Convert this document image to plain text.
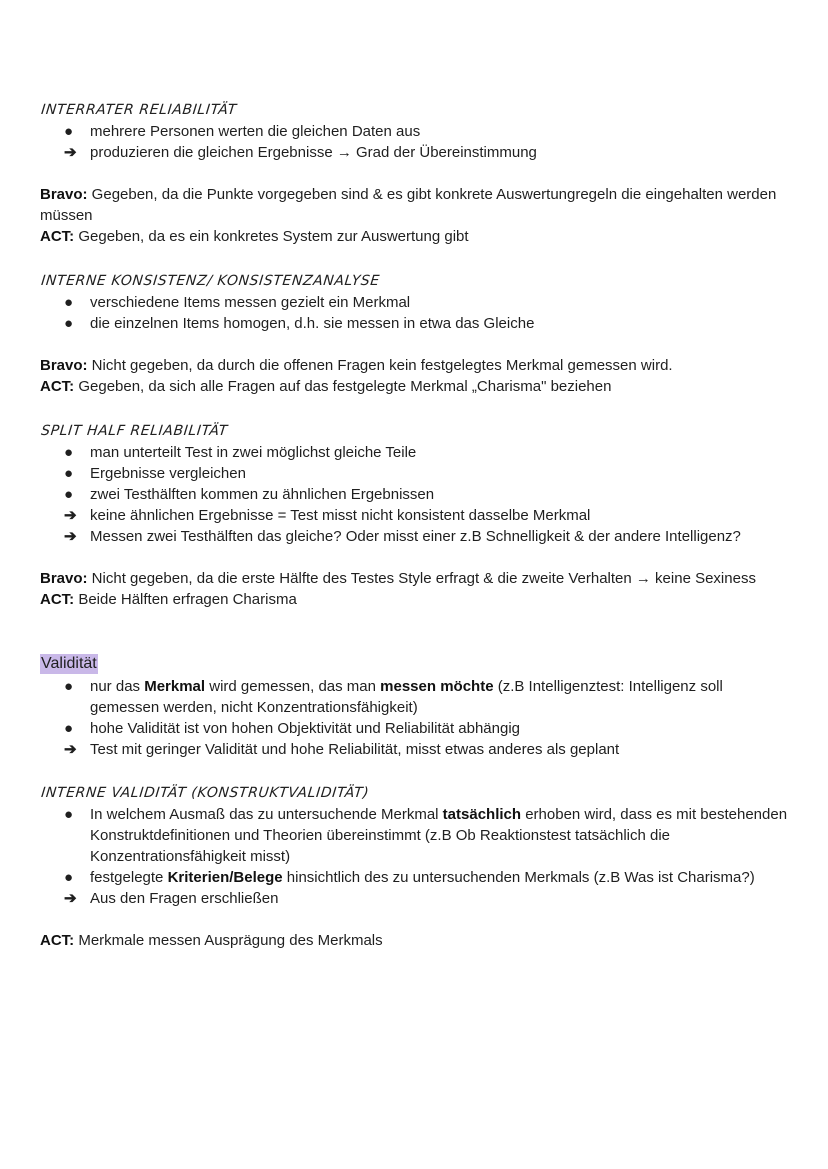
INTERRATER RELIABILITÄT
●	mehrere Personen werten die gleichen Daten aus
➔ produzieren die gleichen Ergebnisse → Grad der Übereinstimmung

Bravo: Gegeben, da die Punkte vorgegeben sind & es gibt konkrete Auswertungregeln die eingehalten werden müssen

ACT: Gegeben, da es ein konkretes System zur Auswertung gibt

INTERNE KONSISTENZ/ KONSISTENZANALYSE
●	verschiedene Items messen gezielt ein Merkmal
●	die einzelnen Items homogen, d.h. sie messen in etwa das Gleiche

Bravo: Nicht gegeben, da durch die offenen Fragen kein festgelegtes Merkmal gemessen wird.

ACT: Gegeben, da sich alle Fragen auf das festgelegte Merkmal „Charisma" beziehen

SPLIT HALF RELIABILITÄT
●	man unterteilt Test in zwei möglichst gleiche Teile
●	Ergebnisse vergleichen
●	zwei Testhälften kommen zu ähnlichen Ergebnissen
➔ keine ähnlichen Ergebnisse = Test misst nicht konsistent dasselbe Merkmal
➔ Messen zwei Testhälften das gleiche? Oder misst einer z.B Schnelligkeit & der andere Intelligenz?

Bravo: Nicht gegeben, da die erste Hälfte des Testes Style erfragt & die zweite Verhalten → keine Sexiness

ACT: Beide Hälften erfragen Charisma

Validität
●	nur das Merkmal wird gemessen, das man messen möchte (z.B Intelligenztest: Intelligenz soll gemessen werden, nicht Konzentrationsfähigkeit)
●	hohe Validität ist von hohen Objektivität und Reliabilität abhängig
➔ Test mit geringer Validität und hohe Reliabilität, misst etwas anderes als geplant
INTERNE VALIDITÄT (KONSTRUKTVALIDITÄT)
●	In welchem Ausmaß das zu untersuchende Merkmal tatsächlich erhoben wird, dass es mit bestehenden Konstruktdefinitionen und Theorien übereinstimmt (z.B Ob Reaktionstest tatsächlich die Konzentrationsfähigkeit misst)
●	festgelegte Kriterien/Belege hinsichtlich des zu untersuchenden Merkmals (z.B Was ist Charisma?)
➔ Aus den Fragen erschließen

ACT: Merkmale messen Ausprägung des Merkmals
